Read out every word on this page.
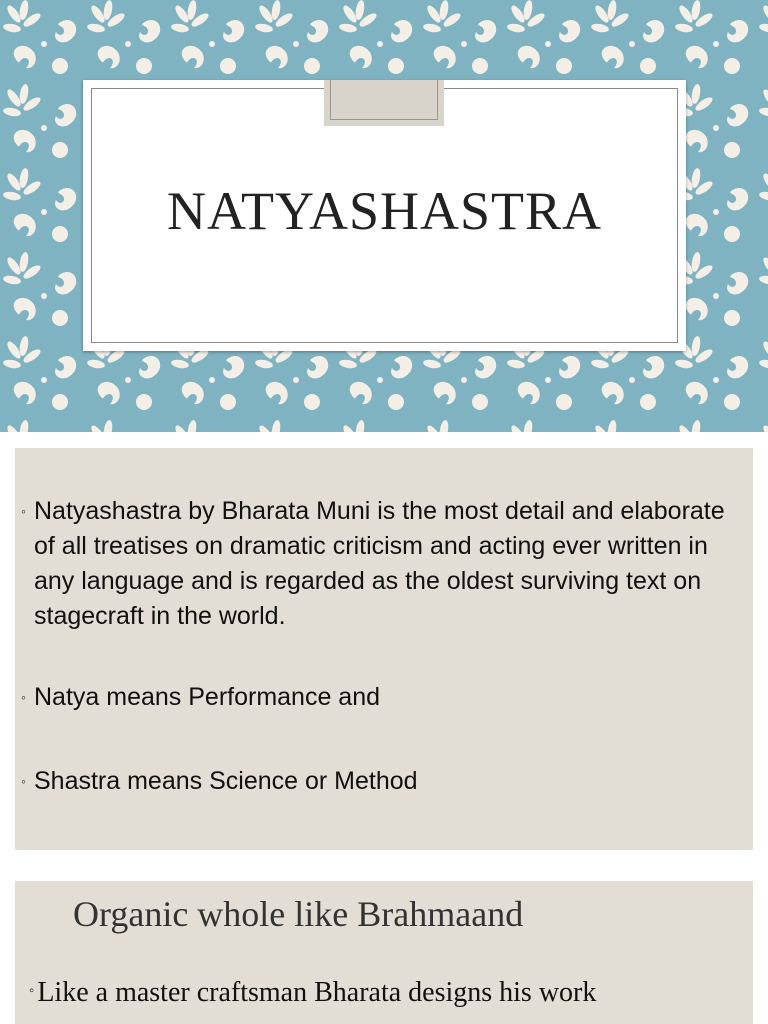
NATYASHASTRA
◦ Natyashastra by Bharata Muni is the most detail and elaborate of all treatises on dramatic criticism and acting ever written in any language and is regarded as the oldest surviving text on stagecraft in the world.
◦ Natya means Performance and
◦ Shastra means Science or Method
Organic whole like Brahmaand
◦ Like a master craftsman Bharata designs his work
